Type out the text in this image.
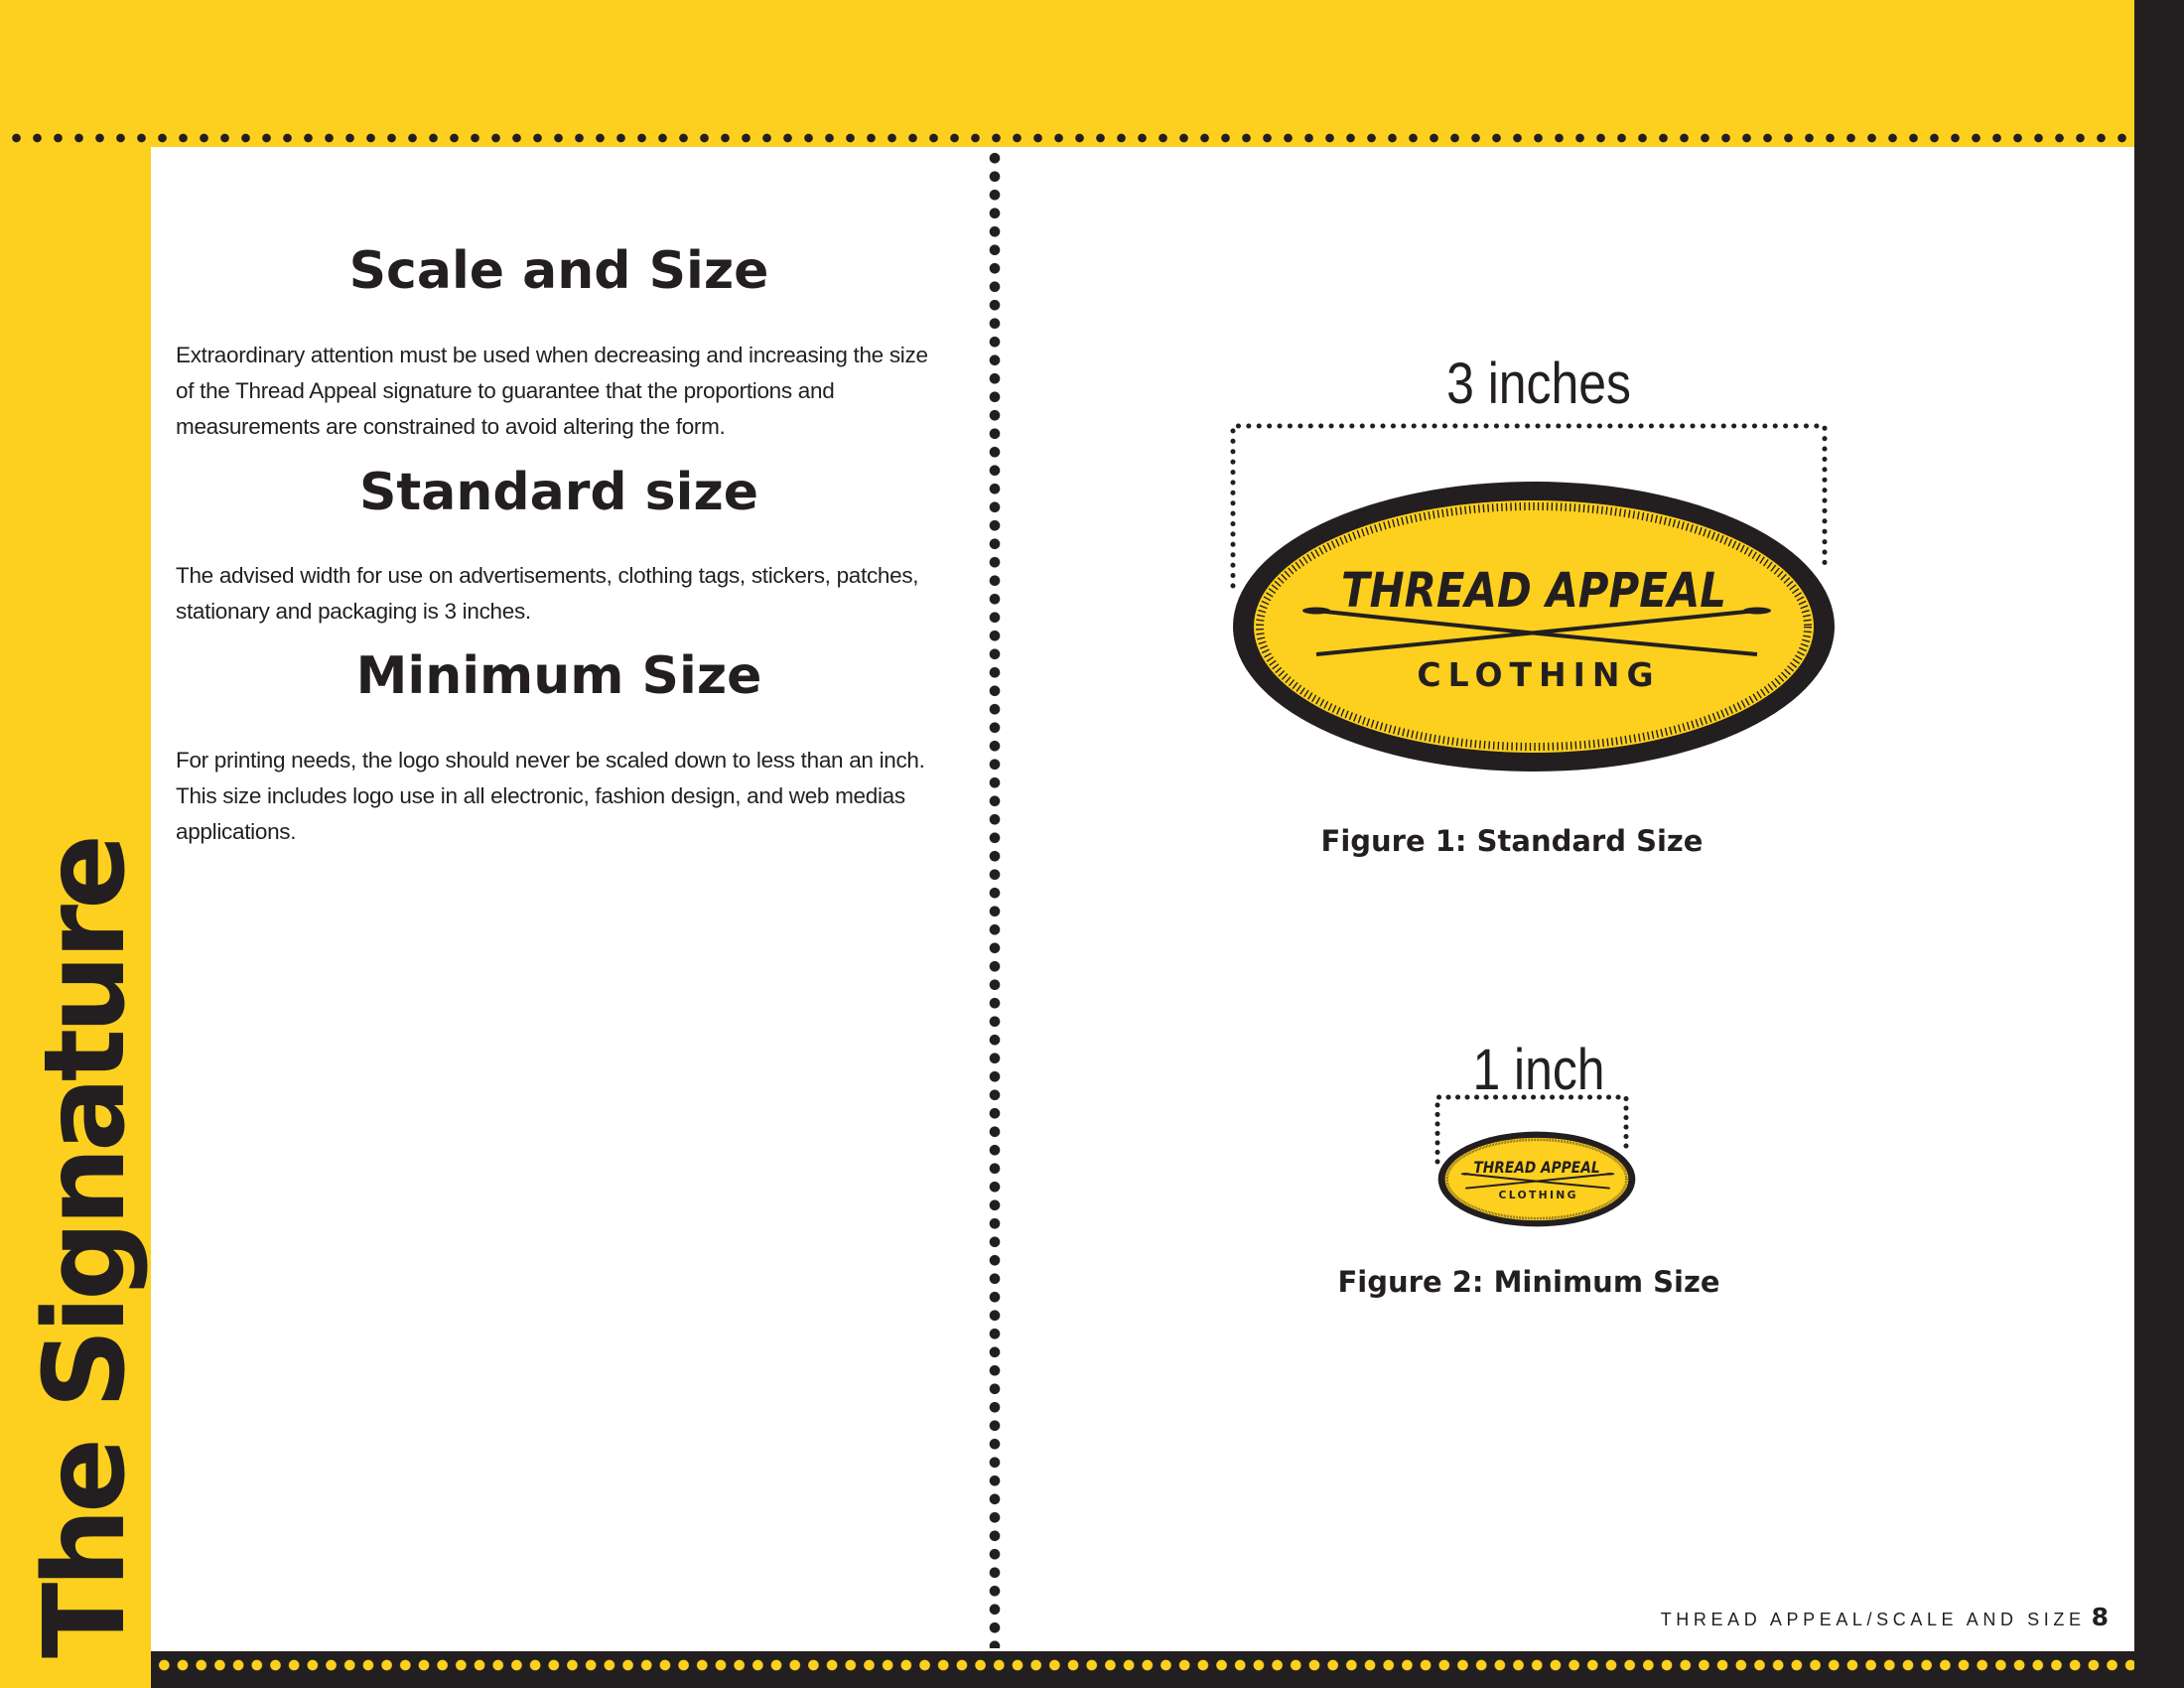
The Signature
Scale and Size

Extraordinary attention must be used when decreasing and increasing the size of the Thread Appeal signature to guarantee that the proportions and measurements are constrained to avoid altering the form.

Standard size

The advised width for use on advertisements, clothing tags, stickers, patches, stationary and packaging is 3 inches.

Minimum Size

For printing needs, the logo should never be scaled down to less than an inch. This size includes logo use in all electronic, fashion design, and web medias applications.

3 inches
THREAD APPEAL
CLOTHING
Figure 1: Standard Size
1 inch
THREAD APPEAL
CLOTHING
Figure 2: Minimum Size
THREAD APPEAL/SCALE AND SIZE 8
